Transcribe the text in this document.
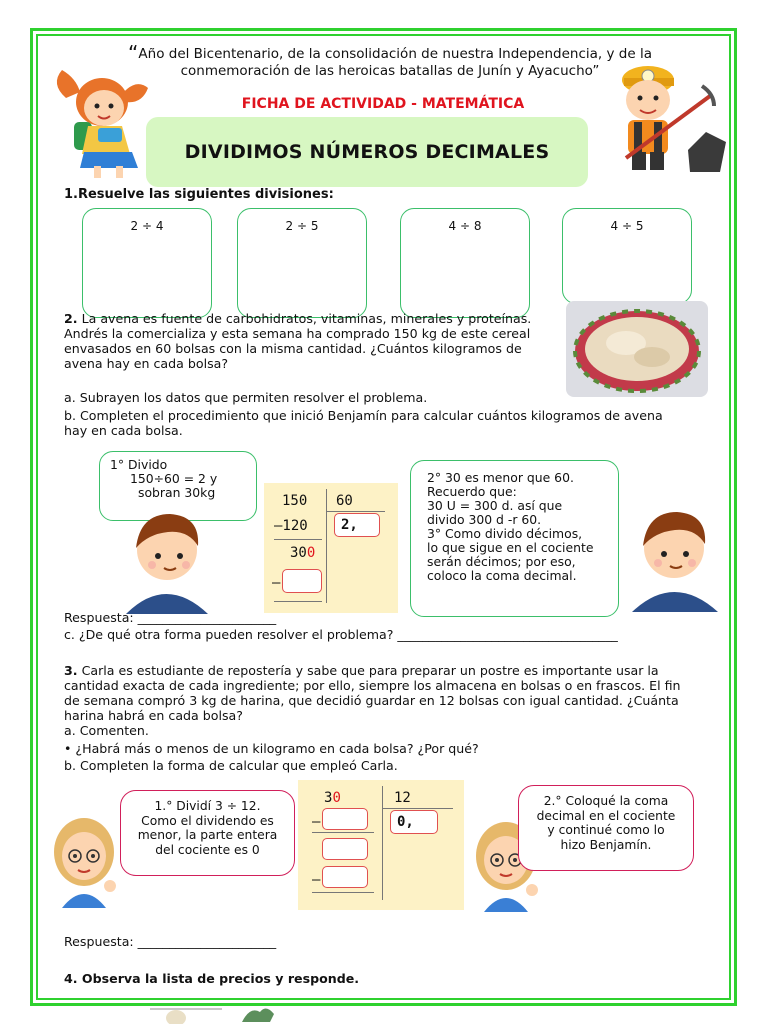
“Año del Bicentenario, de la consolidación de nuestra Independencia, y de la
conmemoración de las heroicas batallas de Junín y Ayacucho”
FICHA DE ACTIVIDAD - MATEMÁTICA
DIVIDIMOS NÚMEROS DECIMALES
1.Resuelve las siguientes divisiones:
2 ÷ 4	2 ÷ 5	4 ÷ 8	4 ÷ 5
2. La avena es fuente de carbohidratos, vitaminas, minerales y proteínas.
Andrés la comercializa y esta semana ha comprado 150 kg de este cereal
envasados en 60 bolsas con la misma cantidad. ¿Cuántos kilogramos de
avena hay en cada bolsa?
a. Subrayen los datos que permiten resolver el problema.
b. Completen el procedimiento que inició Benjamín para calcular cuántos kilogramos de avena
hay en cada bolsa.
1° Divido
150÷60 = 2 y
sobran 30kg
150 60
–120 2,
300
–
2° 30 es menor que 60.
Recuerdo que:
30 U = 300 d. así que
divido 300 d -r 60.
3° Como divido décimos,
lo que sigue en el cociente
serán décimos; por eso,
coloco la coma decimal.
Respuesta: ______________________
c. ¿De qué otra forma pueden resolver el problema? ___________________________________
3. Carla es estudiante de repostería y sabe que para preparar un postre es importante usar la
cantidad exacta de cada ingrediente; por ello, siempre los almacena en bolsas o en frascos. El fin
de semana compró 3 kg de harina, que decidió guardar en 12 bolsas con igual cantidad. ¿Cuánta
harina habrá en cada bolsa?
a. Comenten.
• ¿Habrá más o menos de un kilogramo en cada bolsa? ¿Por qué?
b. Completen la forma de calcular que empleó Carla.
1.° Dividí 3 ÷ 12.
Como el dividendo es
menor, la parte entera
del cociente es 0
30	12
–	0,
–
2.° Coloqué la coma
decimal en el cociente
y continué como lo
hizo Benjamín.
Respuesta: ______________________
4. Observa la lista de precios y responde.
